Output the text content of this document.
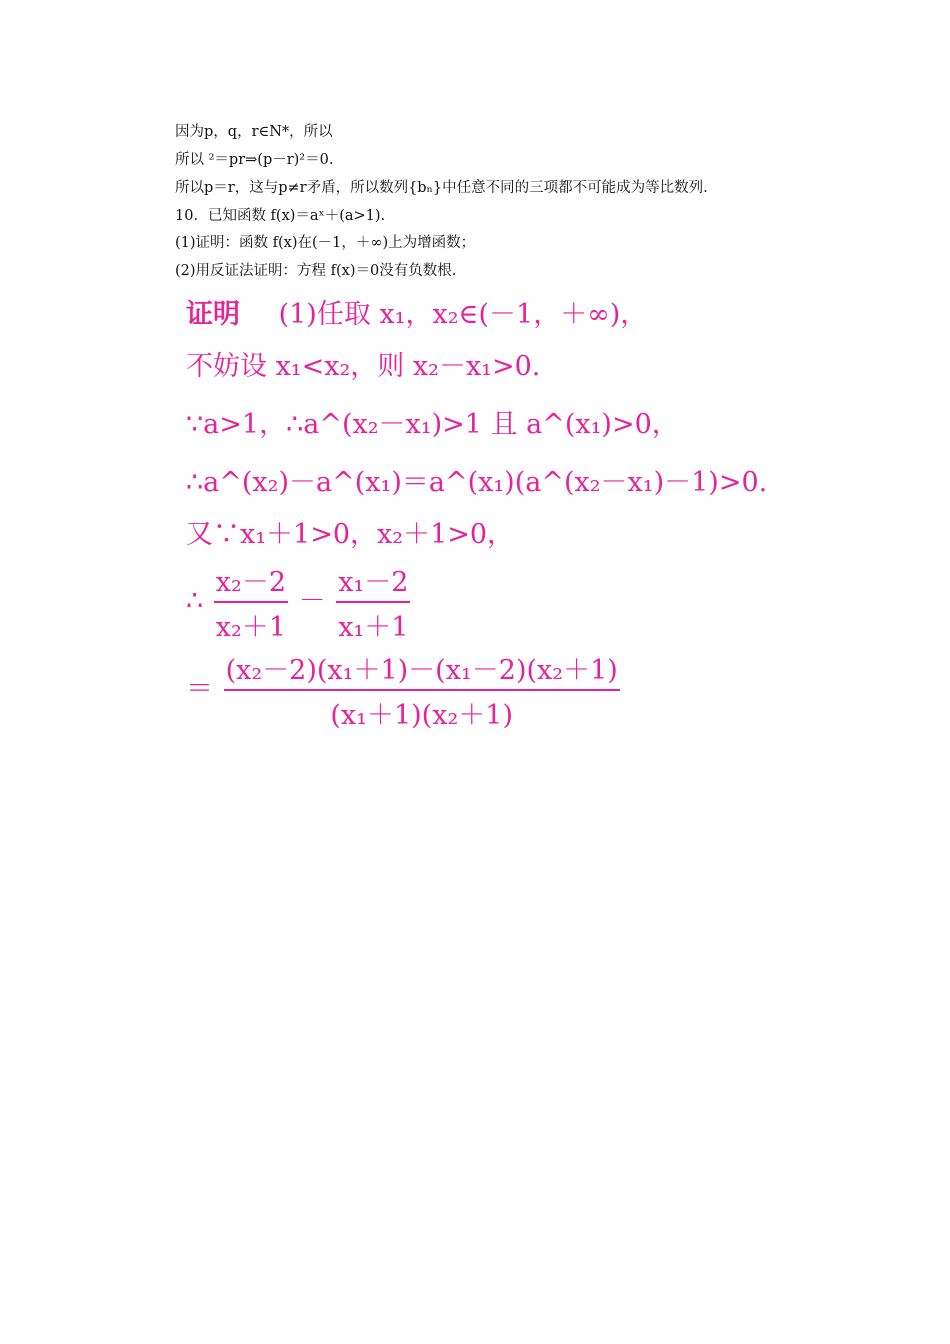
因为p，q，r∈N*，所以
所以 ²＝pr⇒(p－r)²＝0.
所以p＝r，这与p≠r矛盾，所以数列{bₙ}中任意不同的三项都不可能成为等比数列.
10．已知函数 f(x)＝aˣ＋(a>1).
(1)证明：函数 f(x)在(－1，＋∞)上为增函数；
(2)用反证法证明：方程 f(x)＝0没有负数根.
证明 (1)任取 x₁，x₂∈(－1，＋∞)，
不妨设 x₁<x₂，则 x₂－x₁>0.
∵a>1，∴a^(x₂－x₁)>1 且 a^(x₁)>0，
∴a^(x₂)－a^(x₁)＝a^(x₁)(a^(x₂－x₁)－1)>0.
又∵x₁＋1>0，x₂＋1>0，
∴ $\frac{\text{x₂－2}}{\text{x₂＋1}} - \frac{\text{x₁－2}}{\text{x₁＋1}}$
＝ $\frac{\text{(x₂－2)(x₁＋1)－(x₁－2)(x₂＋1)}}{\text{(x₁＋1)(x₂＋1)}}$
